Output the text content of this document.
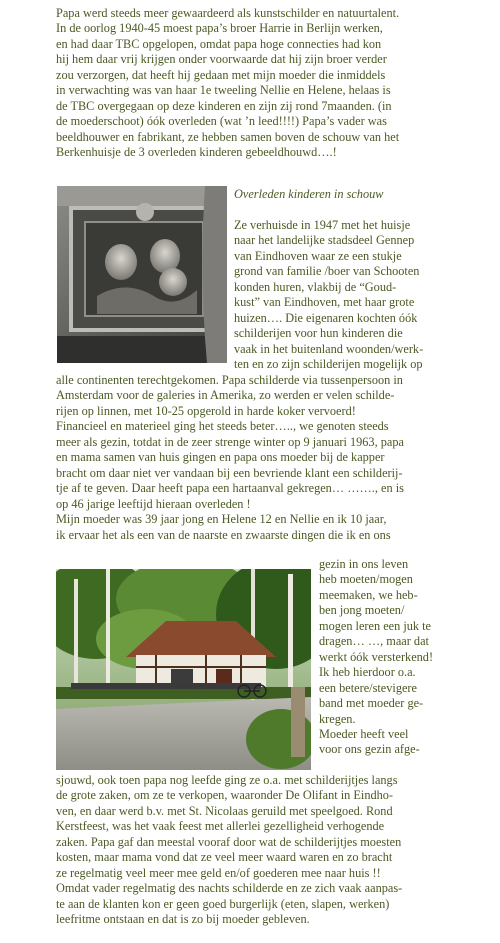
Papa werd steeds meer gewaardeerd als kunstschilder en natuurtalent.
In de oorlog 1940-45 moest papa’s broer Harrie in Berlijn werken,
en had daar TBC opgelopen, omdat papa hoge connecties had kon
hij hem daar vrij krijgen onder voorwaarde dat hij zijn broer verder
zou verzorgen, dat heeft hij gedaan met mijn moeder die inmiddels
in verwachting was van haar 1e tweeling Nellie en Helene, helaas is
de TBC overgegaan op deze kinderen en zijn zij rond 7maanden. (in
de moederschoot) óók overleden (wat ’n leed!!!!) Papa’s vader was
beeldhouwer en fabrikant, ze hebben samen boven de schouw van het
Berkenhuisje de 3 overleden kinderen gebeeldhouwd….!
Overleden kinderen in schouw
Ze verhuisde in 1947 met het huisje
naar het landelijke stadsdeel Gennep
van Eindhoven waar ze een stukje
grond van familie /boer van Schooten
konden huren, vlakbij de “Goud-
kust” van Eindhoven, met haar grote
huizen…. Die eigenaren kochten óók
schilderijen voor hun kinderen die
vaak in het buitenland woonden/werk-
ten en zo zijn schilderijen mogelijk op
alle continenten terechtgekomen. Papa schilderde via tussenpersoon in
Amsterdam voor de galeries in Amerika, zo werden er velen schilde-
rijen op linnen, met 10-25 opgerold in harde koker vervoerd!
Financieel en materieel ging het steeds beter….., we genoten steeds
meer als gezin, totdat in de zeer strenge winter op 9 januari 1963, papa
en mama samen van huis gingen en papa ons moeder bij de kapper
bracht om daar niet ver vandaan bij een bevriende klant een schilderij-
tje af te geven. Daar heeft papa een hartaanval gekregen… ……., en is
op 46 jarige leeftijd hieraan overleden !
Mijn moeder was 39 jaar jong en Helene 12 en Nellie en ik 10 jaar,
ik ervaar het als een van de naarste en zwaarste dingen die ik en ons
gezin in ons leven
heb moeten/mogen
meemaken, we heb-
ben jong moeten/
mogen leren een juk te
dragen… …, maar dat
werkt óók versterkend!
Ik heb hierdoor o.a.
een betere/stevigere
band met moeder ge-
kregen.
Moeder heeft veel
voor ons gezin afge-
sjouwd, ook toen papa nog leefde ging ze o.a. met schilderijtjes langs
de grote zaken, om ze te verkopen, waaronder De Olifant in Eindho-
ven, en daar werd b.v. met St. Nicolaas geruild met speelgoed. Rond
Kerstfeest, was het vaak feest met allerlei gezelligheid verhogende
zaken. Papa gaf dan meestal vooraf door wat de schilderijtjes moesten
kosten, maar mama vond dat ze veel meer waard waren en zo bracht
ze regelmatig veel meer mee geld en/of goederen mee naar huis !!
Omdat vader regelmatig des nachts schilderde en ze zich vaak aanpas-
te aan de klanten kon er geen goed burgerlijk (eten, slapen, werken)
leefritme ontstaan en dat is zo bij moeder gebleven.
